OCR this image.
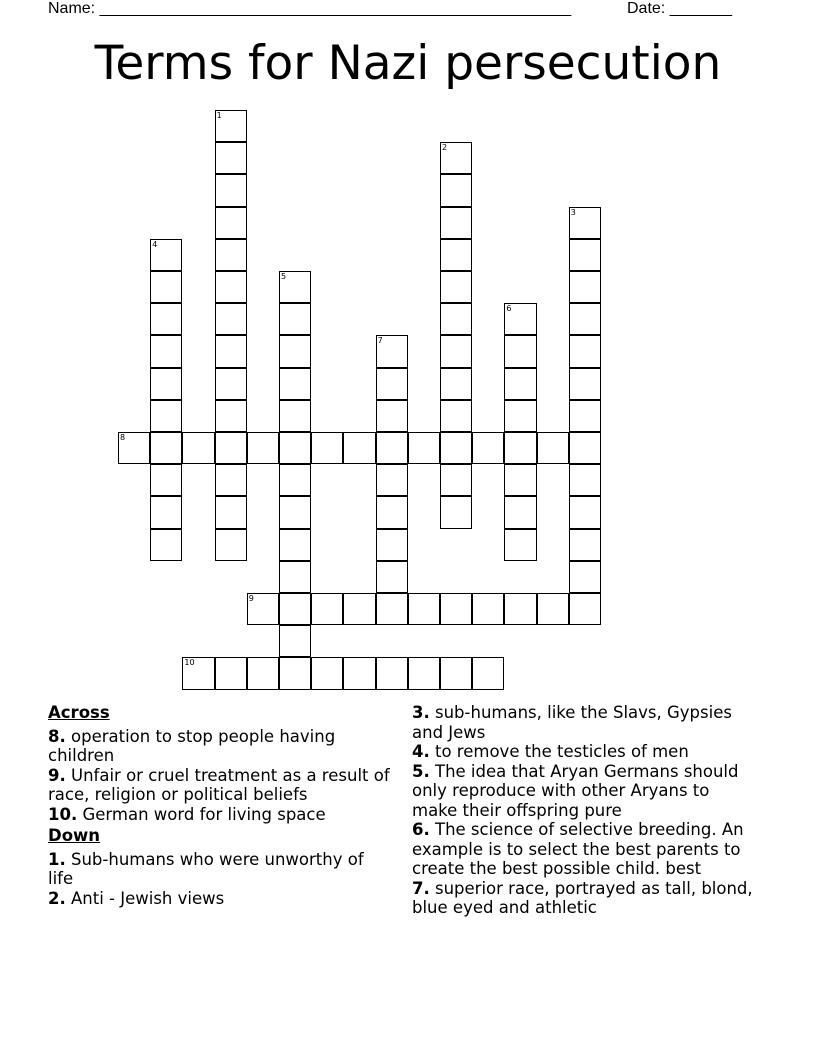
Name: _____________________________________________________	Date: _______
Terms for Nazi persecution
1
2
3
4
5
6
7
8
9
10
Across
8. operation to stop people having children
9. Unfair or cruel treatment as a result of race, religion or political beliefs
10. German word for living space
Down
1. Sub-humans who were unworthy of life
2. Anti - Jewish views
3. sub-humans, like the Slavs, Gypsies and Jews
4. to remove the testicles of men
5. The idea that Aryan Germans should only reproduce with other Aryans to make their offspring pure
6. The science of selective breeding. An example is to select the best parents to create the best possible child. best
7. superior race, portrayed as tall, blond, blue eyed and athletic
